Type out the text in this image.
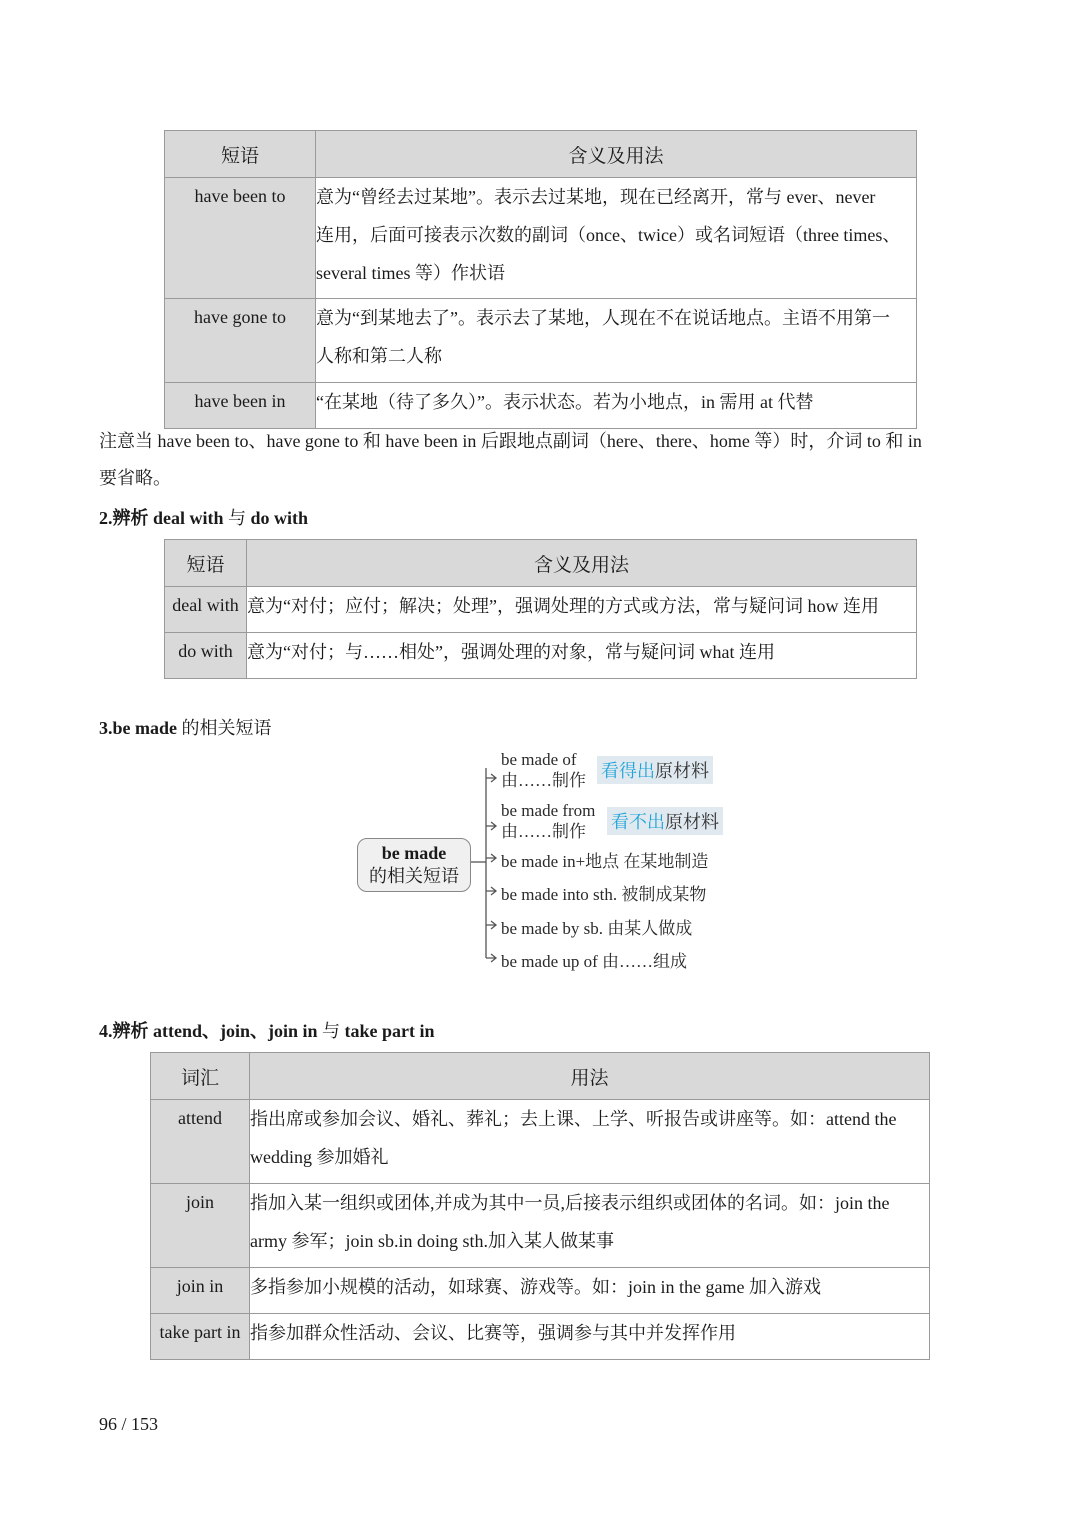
短语	含义及用法

have been to	意为“曾经去过某地”。表示去过某地，现在已经离开，常与 ever、never
连用，后面可接表示次数的副词（once、twice）或名词短语（three times、
several times 等）作状语

have gone to	意为“到某地去了”。表示去了某地，人现在不在说话地点。主语不用第一
人称和第二人称

have been in	“在某地（待了多久）”。表示状态。若为小地点，in 需用 at 代替
注意当 have been to、have gone to 和 have been in 后跟地点副词（here、there、home 等）时，介词 to 和 in
要省略。
2.辨析 deal with 与 do with
短语	含义及用法

deal with	意为“对付；应付；解决；处理”，强调处理的方式或方法，常与疑问词 how 连用

do with	意为“对付；与……相处”，强调处理的对象，常与疑问词 what 连用
3.be made 的相关短语
be made
的相关短语
be made of
由……制作 看得出原材料
be made from
由……制作	看不出原材料
be made in+地点 在某地制造
be made into sth. 被制成某物
be made by sb. 由某人做成
be made up of 由……组成
4.辨析 attend、join、join in 与 take part in
词汇	用法

attend	指出席或参加会议、婚礼、葬礼；去上课、上学、听报告或讲座等。如：attend the
wedding 参加婚礼

join	指加入某一组织或团体,并成为其中一员,后接表示组织或团体的名词。如：join the
army 参军；join sb.in doing sth.加入某人做某事

join in	多指参加小规模的活动，如球赛、游戏等。如：join in the game 加入游戏

take part in	指参加群众性活动、会议、比赛等，强调参与其中并发挥作用
96 / 153
